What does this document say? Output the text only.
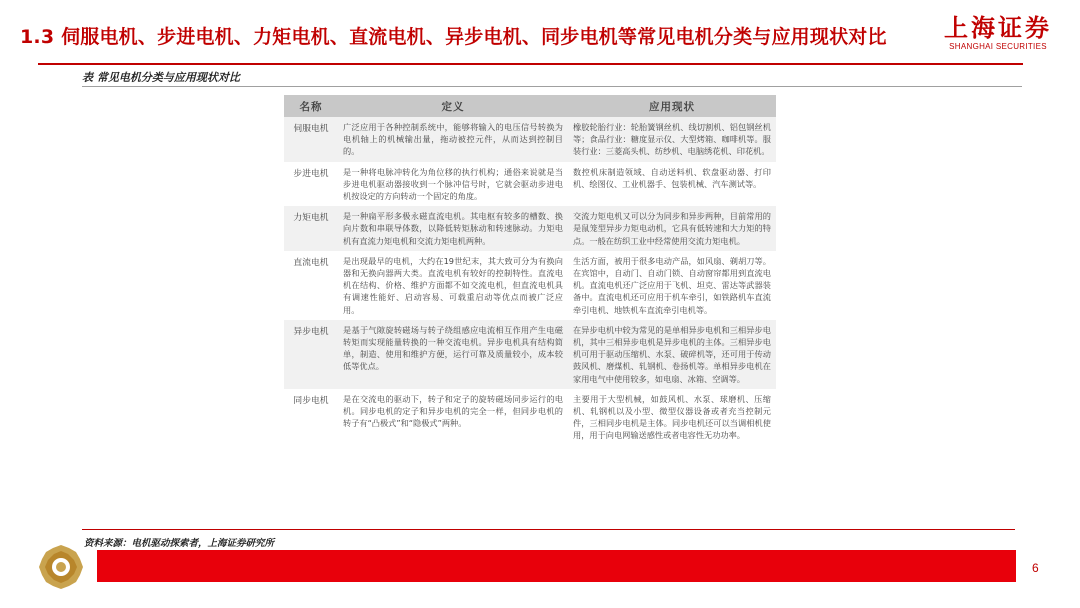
1.3 伺服电机、步进电机、力矩电机、直流电机、异步电机、同步电机等常见电机分类与应用现状对比 上海证券
SHANGHAI SECURITIES
表 常见电机分类与应用现状对比
名称	定义	应用现状
伺服电机	广泛应用于各种控制系统中，能够将输入的电压信号转换为电机轴上的机械输出量，拖动被控元件，从而达到控制目的。	橡胶轮胎行业：轮胎簧钢丝机、线切割机、铝包钢丝机等；食品行业：糖度显示仪、大型烤箱、咖啡机等。服装行业：三菱高头机、纺纱机、电脑绣花机、印花机。
步进电机	是一种将电脉冲转化为角位移的执行机构；通俗来说就是当步进电机驱动器接收到一个脉冲信号时，它就会驱动步进电机按设定的方向转动一个固定的角度。	数控机床制造领域、自动送料机、软盘驱动器、打印机、绘图仪、工业机器手、包装机械、汽车测试等。
力矩电机	是一种扁平形多极永磁直流电机。其电枢有较多的槽数、换向片数和串联导体数，以降低转矩脉动和转速脉动。力矩电机有直流力矩电机和交流力矩电机两种。	交流力矩电机又可以分为同步和异步两种，目前常用的是鼠笼型异步力矩电动机，它具有低转速和大力矩的特点。一般在纺织工业中经常使用交流力矩电机。
直流电机	是出现最早的电机，大约在19世纪末，其大致可分为有换向器和无换向器两大类。直流电机有较好的控制特性。直流电机在结构、价格、维护方面都不如交流电机，但直流电机具有调速性能好、启动容易、可载重启动等优点而被广泛应用。	生活方面，被用于很多电动产品，如风扇、剃胡刀等。在宾馆中，自动门、自动门锁、自动窗帘都用到直流电机。直流电机还广泛应用于飞机、坦克、雷达等武器装备中。直流电机还可应用于机车牵引，如铁路机车直流牵引电机、地铁机车直流牵引电机等。
异步电机	是基于气隙旋转磁场与转子绕组感应电流相互作用产生电磁转矩而实现能量转换的一种交流电机。异步电机具有结构简单，制造、使用和维护方便，运行可靠及质量较小，成本较低等优点。	在异步电机中较为常见的是单相异步电机和三相异步电机，其中三相异步电机是异步电机的主体。三相异步电机可用于驱动压缩机、水泵、破碎机等，还可用于传动鼓风机、磨煤机、轧钢机、卷扬机等。单相异步电机在家用电气中使用较多，如电扇、冰箱、空调等。
同步电机	是在交流电的驱动下，转子和定子的旋转磁场同步运行的电机。同步电机的定子和异步电机的完全一样，但同步电机的转子有“凸极式”和“隐极式”两种。	主要用于大型机械，如鼓风机、水泵、球磨机、压缩机、轧钢机以及小型、微型仪器设备或者充当控制元件，三相同步电机是主体。同步电机还可以当调相机使用，用于向电网输送感性或者电容性无功功率。
资料来源：电机驱动探索者，上海证券研究所
6
